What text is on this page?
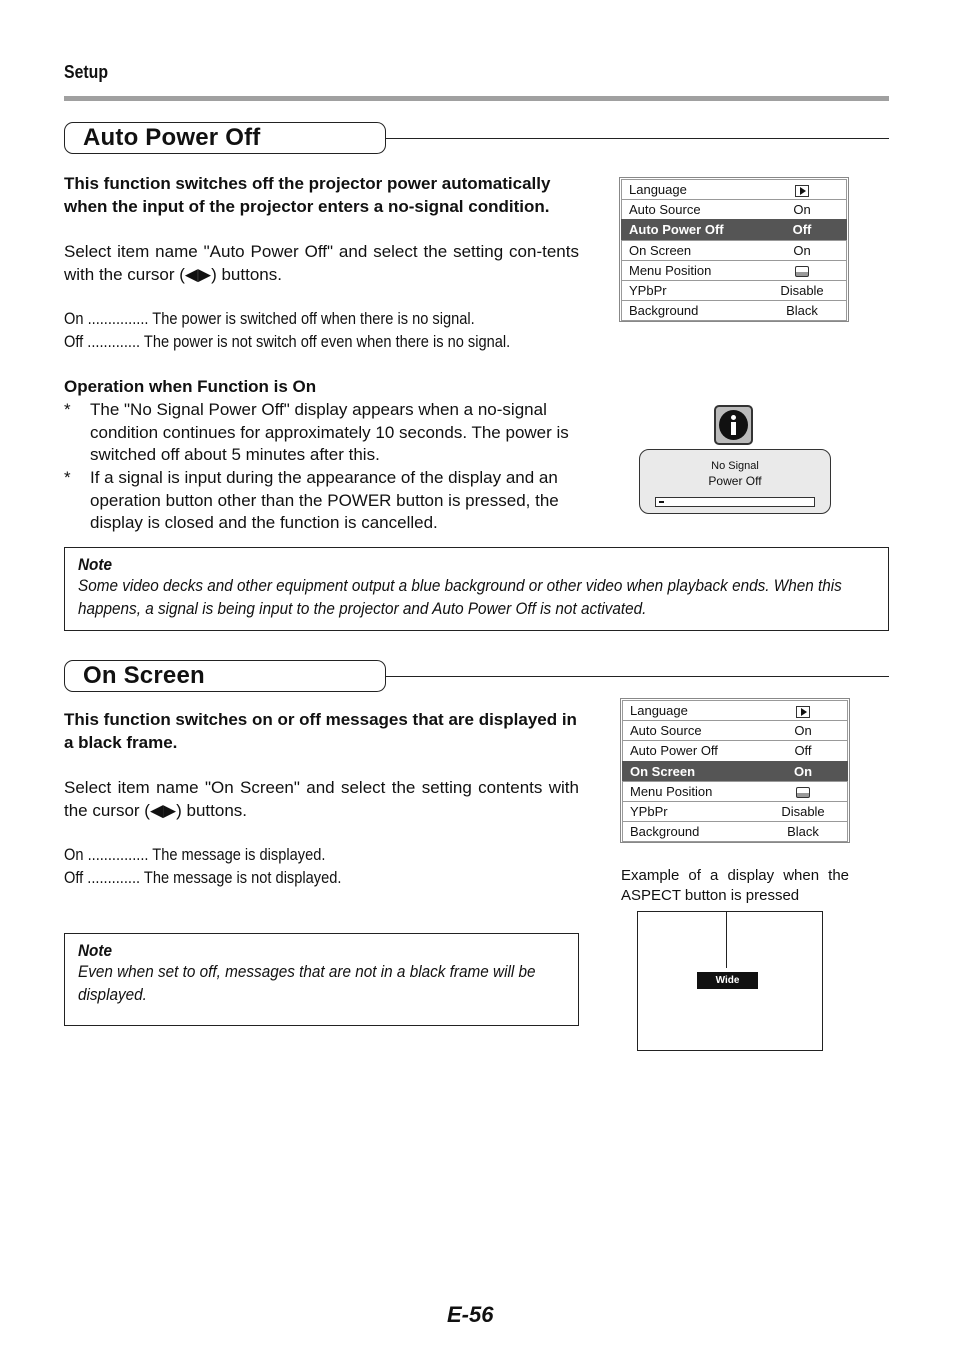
Setup
Auto Power Off
This function switches off the projector power automatically when the input of the projector enters a no-signal condition.
Select item name "Auto Power Off" and select the setting con-tents with the cursor (◀▶) buttons.
On ............... The power is switched off when there is no signal.
Off ............. The power is not switch off even when there is no signal.
Operation when Function is On
* The "No Signal Power Off" display appears when a no-signal condition continues for approximately 10 seconds. The power is switched off about 5 minutes after this.
* If a signal is input during the appearance of the display and an operation button other than the POWER button is pressed, the display is closed and the function is cancelled.
Language
Auto Source	On
Auto Power Off	Off
On Screen	On
Menu Position
YPbPr	Disable
Background	Black
No Signal
Power Off
Note
Some video decks and other equipment output a blue background or other video when playback ends. When this happens, a signal is being input to the projector and Auto Power Off is not activated.
On Screen
This function switches on or off messages that are displayed in a black frame.
Select item name "On Screen" and select the setting contents with the cursor (◀▶) buttons.
On ............... The message is displayed.
Off ............. The message is not displayed.
Note
Even when set to off, messages that are not in a black frame will be displayed.
Language
Auto Source	On
Auto Power Off	Off
On Screen	On
Menu Position
YPbPr	Disable
Background	Black
Example of a display when the ASPECT button is pressed
Wide
E-56
